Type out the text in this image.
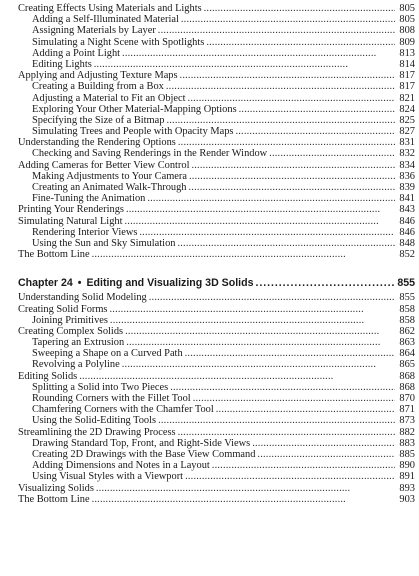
Creating Effects Using Materials and Lights . . .	805
Adding a Self-Illuminated Material . . .	805
Assigning Materials by Layer . . .	808
Simulating a Night Scene with Spotlights . . .	809
Adding a Point Light . . .	813
Editing Lights . . .	814
Applying and Adjusting Texture Maps . . .	817
Creating a Building from a Box . . .	817
Adjusting a Material to Fit an Object . . .	821
Exploring Your Other Material-Mapping Options . . .	824
Specifying the Size of a Bitmap . . .	825
Simulating Trees and People with Opacity Maps . . .	827
Understanding the Rendering Options . . .	831
Checking and Saving Renderings in the Render Window . . .	832
Adding Cameras for Better View Control . . .	834
Making Adjustments to Your Camera . . .	836
Creating an Animated Walk-Through . . .	839
Fine-Tuning the Animation . . .	841
Printing Your Renderings . . .	843
Simulating Natural Light . . .	846
Rendering Interior Views . . .	846
Using the Sun and Sky Simulation . . .	848
The Bottom Line . . .	852
Chapter 24 • Editing and Visualizing 3D Solids . . .	855
Understanding Solid Modeling . . .	855
Creating Solid Forms . . .	858
Joining Primitives . . .	858
Creating Complex Solids . . .	862
Tapering an Extrusion . . .	863
Sweeping a Shape on a Curved Path . . .	864
Revolving a Polyline . . .	865
Editing Solids . . .	868
Splitting a Solid into Two Pieces . . .	868
Rounding Corners with the Fillet Tool . . .	870
Chamfering Corners with the Chamfer Tool . . .	871
Using the Solid-Editing Tools . . .	873
Streamlining the 2D Drawing Process . . .	882
Drawing Standard Top, Front, and Right-Side Views . . .	883
Creating 2D Drawings with the Base View Command . . .	885
Adding Dimensions and Notes in a Layout . . .	890
Using Visual Styles with a Viewport . . .	891
Visualizing Solids . . .	893
The Bottom Line . . .	903
